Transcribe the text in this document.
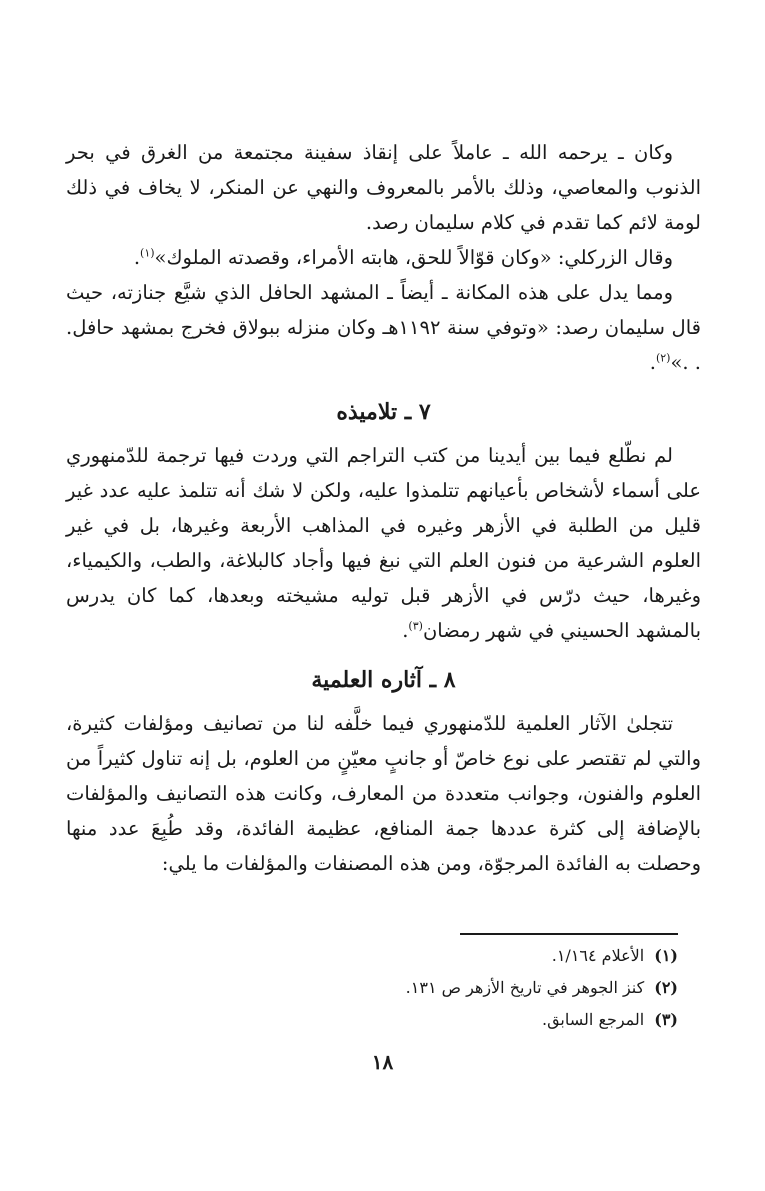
وكان ـ يرحمه الله ـ عاملاً على إنقاذ سفينة مجتمعة من الغرق في بحر الذنوب والمعاصي، وذلك بالأمر بالمعروف والنهي عن المنكر، لا يخاف في ذلك لومة لائم كما تقدم في كلام سليمان رصد.

وقال الزركلي: «وكان قوّالاً للحق، هابته الأمراء، وقصدته الملوك»$^{(١)}$.

ومما يدل على هذه المكانة ـ أيضاً ـ المشهد الحافل الذي شيَّع جنازته، حيث قال سليمان رصد: «وتوفي سنة ١١٩٢هـ وكان منزله ببولاق فخرج بمشهد حافل. . .»$^{(٢)}$.

٧ ـ تلاميذه

لم نطّلع فيما بين أيدينا من كتب التراجم التي وردت فيها ترجمة للدّمنهوري على أسماء لأشخاص بأعيانهم تتلمذوا عليه، ولكن لا شك أنه تتلمذ عليه عدد غير قليل من الطلبة في الأزهر وغيره في المذاهب الأربعة وغيرها، بل في غير العلوم الشرعية من فنون العلم التي نبغ فيها وأجاد كالبلاغة، والطب، والكيمياء، وغيرها، حيث درّس في الأزهر قبل توليه مشيخته وبعدها، كما كان يدرس بالمشهد الحسيني في شهر رمضان$^{(٣)}$.

٨ ـ آثاره العلمية

تتجلىٰ الآثار العلمية للدّمنهوري فيما خلَّفه لنا من تصانيف ومؤلفات كثيرة، والتي لم تقتصر على نوع خاصّ أو جانبٍ معيّنٍ من العلوم، بل إنه تناول كثيراً من العلوم والفنون، وجوانب متعددة من المعارف، وكانت هذه التصانيف والمؤلفات بالإضافة إلى كثرة عددها جمة المنافع، عظيمة الفائدة، وقد طُبِعَ عدد منها وحصلت به الفائدة المرجوّة، ومن هذه المصنفات والمؤلفات ما يلي:

(١)الأعلام ١/١٦٤.
(٢)كنز الجوهر في تاريخ الأزهر ص ١٣١.
(٣)المرجع السابق.
١٨
